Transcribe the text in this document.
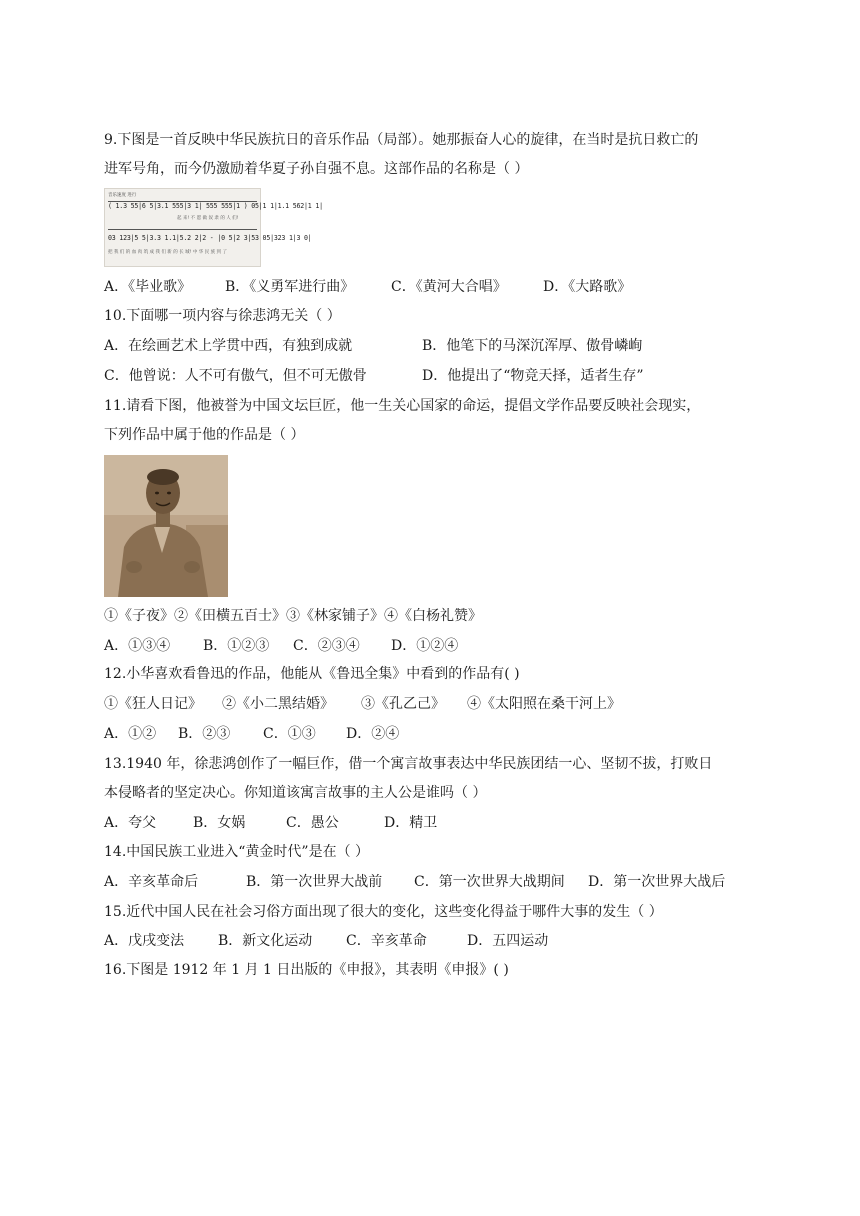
9.下图是一首反映中华民族抗日的音乐作品（局部）。她那振奋人心的旋律，在当时是抗日救亡的
进军号角，而今仍激励着华夏子孙自强不息。这部作品的名称是（ ）
音乐速度 进行
( 1.3 55|6 5|3.1 555|3 1| 555 555|1 ) 05|1 1|1.1 562|1 1|
起 来! 不 愿 做 奴 隶 的 人 们!
03 123|5 5|3.3 1.1|5.2 2|2 - |0 5|2 3|53 05|323 1|3 0|
把 我 们 的 血 肉 筑 成 我 们 新 的 长 城! 中 华 民 族 到 了
A．《毕业歌》 B．《义勇军进行曲》	C．《黄河大合唱》	D．《大路歌》
10.下面哪一项内容与徐悲鸿无关（ ）
A．在绘画艺术上学贯中西，有独到成就	B．他笔下的马深沉浑厚、傲骨嶙峋
C．他曾说：人不可有傲气，但不可无傲骨	D．他提出了“物竞天择，适者生存”
11.请看下图，他被誉为中国文坛巨匠，他一生关心国家的命运，提倡文学作品要反映社会现实，
下列作品中属于他的作品是（ ）
①《子夜》②《田横五百士》③《林家铺子》④《白杨礼赞》
A．①③④ B．①②③ C．②③④ D．①②④
12.小华喜欢看鲁迅的作品，他能从《鲁迅全集》中看到的作品有( )
①《狂人日记》 ②《小二黑结婚》 ③《孔乙己》 ④《太阳照在桑干河上》
A．①② B．②③ C．①③ D．②④
13.1940 年，徐悲鸿创作了一幅巨作，借一个寓言故事表达中华民族团结一心、坚韧不拔，打败日
本侵略者的坚定决心。你知道该寓言故事的主人公是谁吗（ ）
A．夸父	B．女娲	C．愚公	D．精卫
14.中国民族工业进入“黄金时代”是在（ ）
A．辛亥革命后	B．第一次世界大战前 C．第一次世界大战期间 D．第一次世界大战后
15.近代中国人民在社会习俗方面出现了很大的变化，这些变化得益于哪件大事的发生（ ）
A．戊戌变法 B．新文化运动 C．辛亥革命	D．五四运动
16.下图是 1912 年 1 月 1 日出版的《申报》，其表明《申报》( )
